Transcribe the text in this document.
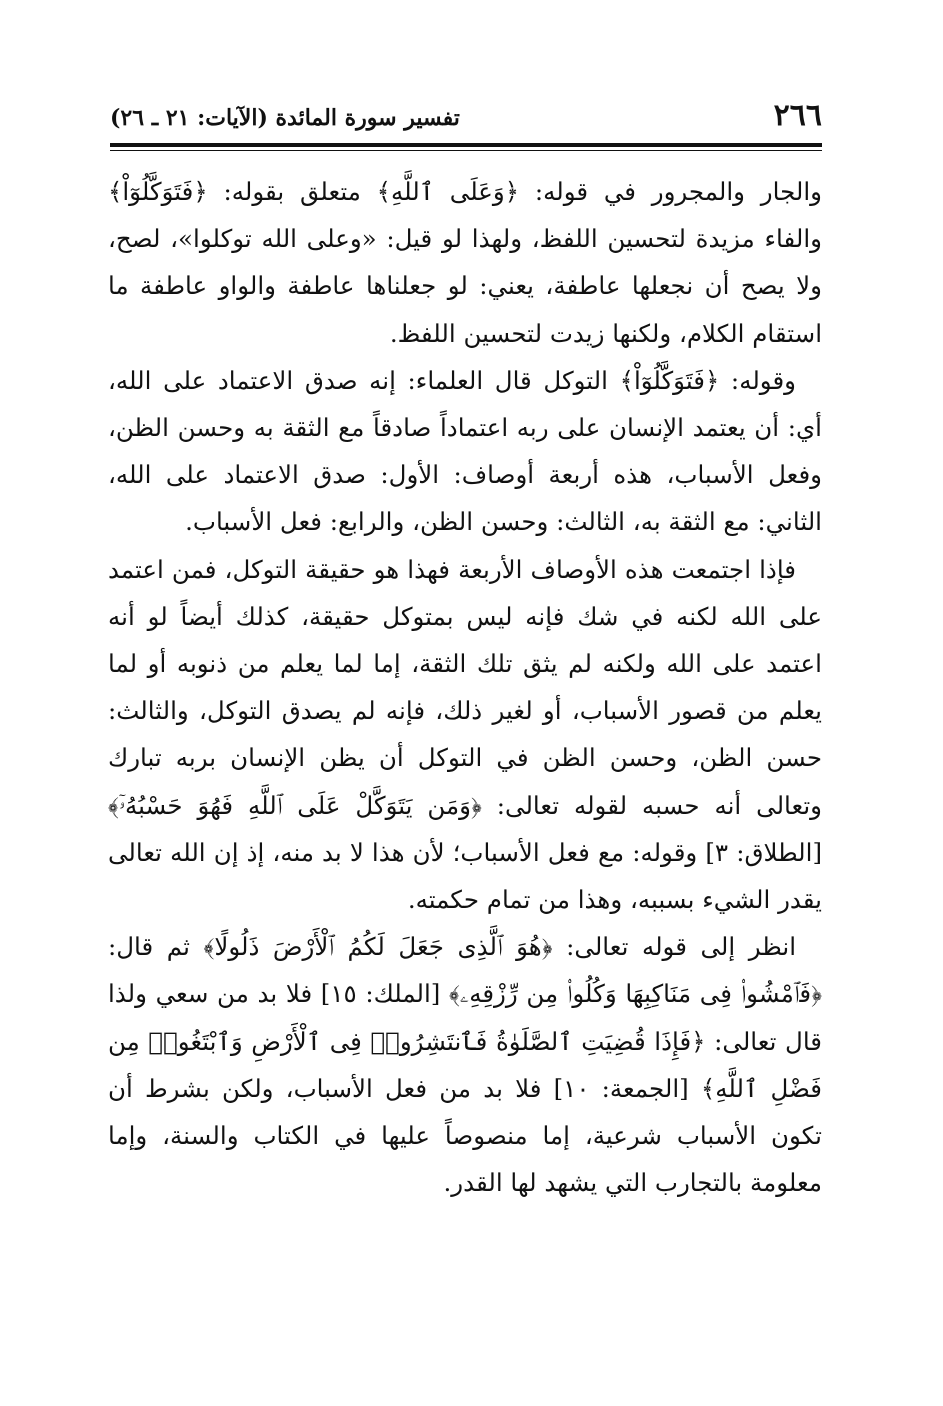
٢٦٦
تفسير سورة المائدة (الآيات: ٢١ ـ ٢٦)

والجار والمجرور في قوله: ﴿وَعَلَى ٱللَّهِ﴾ متعلق بقوله: ﴿فَتَوَكَّلُوٓاْ﴾ والفاء مزيدة لتحسين اللفظ، ولهذا لو قيل: «وعلى الله توكلوا»، لصح، ولا يصح أن نجعلها عاطفة، يعني: لو جعلناها عاطفة والواو عاطفة ما استقام الكلام، ولكنها زيدت لتحسين اللفظ.

وقوله: ﴿فَتَوَكَّلُوٓاْ﴾ التوكل قال العلماء: إنه صدق الاعتماد على الله، أي: أن يعتمد الإنسان على ربه اعتماداً صادقاً مع الثقة به وحسن الظن، وفعل الأسباب، هذه أربعة أوصاف: الأول: صدق الاعتماد على الله، الثاني: مع الثقة به، الثالث: وحسن الظن، والرابع: فعل الأسباب.

فإذا اجتمعت هذه الأوصاف الأربعة فهذا هو حقيقة التوكل، فمن اعتمد على الله لكنه في شك فإنه ليس بمتوكل حقيقة، كذلك أيضاً لو أنه اعتمد على الله ولكنه لم يثق تلك الثقة، إما لما يعلم من ذنوبه أو لما يعلم من قصور الأسباب، أو لغير ذلك، فإنه لم يصدق التوكل، والثالث: حسن الظن، وحسن الظن في التوكل أن يظن الإنسان بربه تبارك وتعالى أنه حسبه لقوله تعالى: ﴿وَمَن يَتَوَكَّلْ عَلَى ٱللَّهِ فَهُوَ حَسْبُهُۥٓ﴾ [الطلاق: ٣] وقوله: مع فعل الأسباب؛ لأن هذا لا بد منه، إذ إن الله تعالى يقدر الشيء بسببه، وهذا من تمام حكمته.

انظر إلى قوله تعالى: ﴿هُوَ ٱلَّذِى جَعَلَ لَكُمُ ٱلْأَرْضَ ذَلُولًا﴾ ثم قال: ﴿فَٱمْشُوا۟ فِى مَنَاكِبِهَا وَكُلُوا۟ مِن رِّزْقِهِۦ﴾ [الملك: ١٥] فلا بد من سعي ولذا قال تعالى: ﴿فَإِذَا قُضِيَتِ ٱلصَّلَوٰةُ فَٱنتَشِرُوا۟ فِى ٱلْأَرْضِ وَٱبْتَغُوا۟ مِن فَضْلِ ٱللَّهِ﴾ [الجمعة: ١٠] فلا بد من فعل الأسباب، ولكن بشرط أن تكون الأسباب شرعية، إما منصوصاً عليها في الكتاب والسنة، وإما معلومة بالتجارب التي يشهد لها القدر.
